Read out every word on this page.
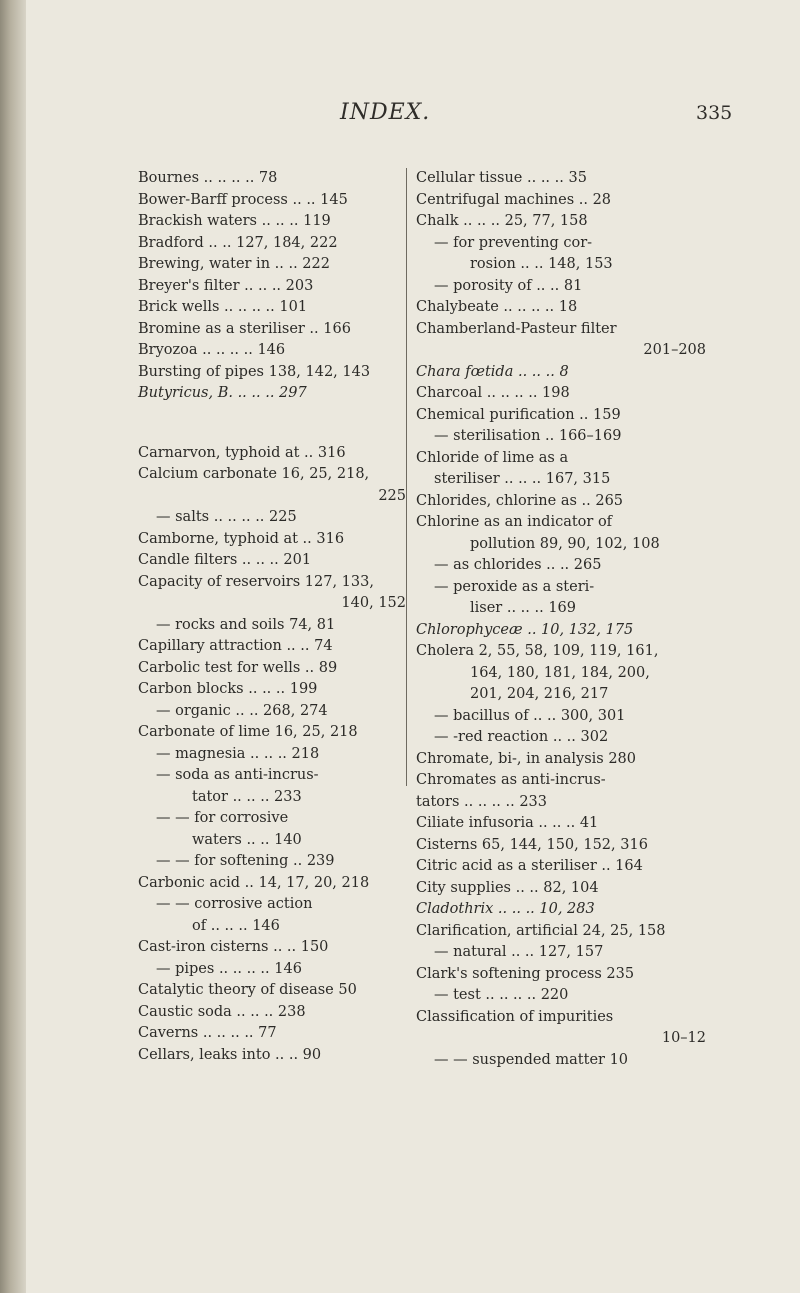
INDEX.	335
Bournes .. .. .. .. 78
Bower-Barff process .. .. 145
Brackish waters .. .. .. 119
Bradford .. .. 127, 184, 222
Brewing, water in .. .. 222
Breyer's filter .. .. .. 203
Brick wells .. .. .. .. 101
Bromine as a steriliser .. 166
Bryozoa .. .. .. .. 146
Bursting of pipes 138, 142, 143
Butyricus, B. .. .. .. 297
Carnarvon, typhoid at .. 316
Calcium carbonate 16, 25, 218,
225
— salts .. .. .. .. 225
Camborne, typhoid at .. 316
Candle filters .. .. .. 201
Capacity of reservoirs 127, 133,
140, 152
— rocks and soils 74, 81
Capillary attraction .. .. 74
Carbolic test for wells .. 89
Carbon blocks .. .. .. 199
— organic .. .. 268, 274
Carbonate of lime 16, 25, 218
— magnesia .. .. .. 218
— soda as anti-incrus-
tator .. .. .. 233
— — for corrosive
waters .. .. 140
— — for softening .. 239
Carbonic acid .. 14, 17, 20, 218
— — corrosive action
of .. .. .. 146
Cast-iron cisterns .. .. 150
— pipes .. .. .. .. 146
Catalytic theory of disease 50
Caustic soda .. .. .. 238
Caverns .. .. .. .. 77
Cellars, leaks into .. .. 90
Cellular tissue .. .. .. 35
Centrifugal machines .. 28
Chalk .. .. .. 25, 77, 158
— for preventing cor-
rosion .. .. 148, 153
— porosity of .. .. 81
Chalybeate .. .. .. .. 18
Chamberland-Pasteur filter
201–208
Chara fœtida .. .. .. 8
Charcoal .. .. .. .. 198
Chemical purification .. 159
— sterilisation .. 166–169
Chloride of lime as a
steriliser .. .. .. 167, 315
Chlorides, chlorine as .. 265
Chlorine as an indicator of
pollution 89, 90, 102, 108
— as chlorides .. .. 265
— peroxide as a steri-
liser .. .. .. 169
Chlorophyceæ .. 10, 132, 175
Cholera 2, 55, 58, 109, 119, 161,
164, 180, 181, 184, 200,
201, 204, 216, 217
— bacillus of .. .. 300, 301
— -red reaction .. .. 302
Chromate, bi-, in analysis 280
Chromates as anti-incrus-
tators .. .. .. .. 233
Ciliate infusoria .. .. .. 41
Cisterns 65, 144, 150, 152, 316
Citric acid as a steriliser .. 164
City supplies .. .. 82, 104
Cladothrix .. .. .. 10, 283
Clarification, artificial 24, 25, 158
— natural .. .. 127, 157
Clark's softening process 235
— test .. .. .. .. 220
Classification of impurities
10–12
— — suspended matter 10
